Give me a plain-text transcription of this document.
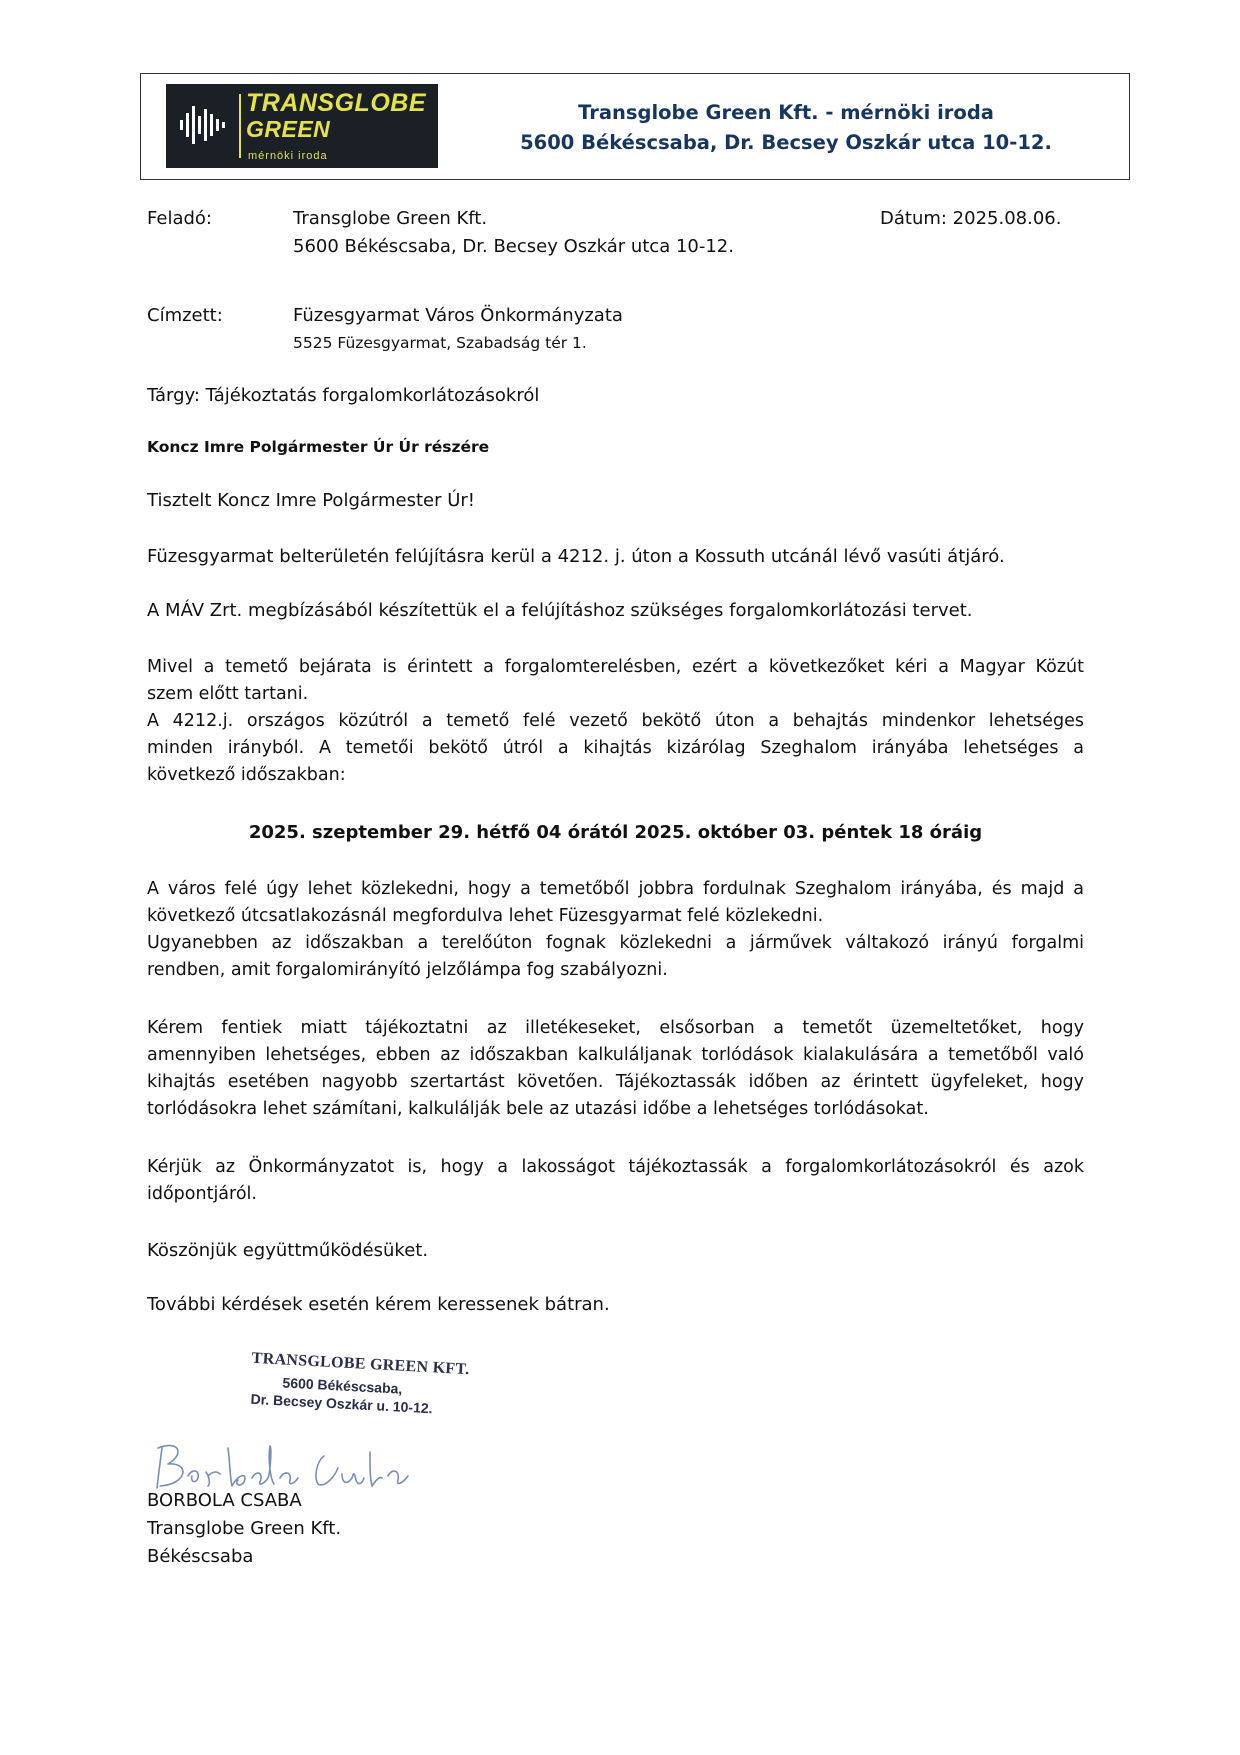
TRANSGLOBE
GREEN
mérnöki iroda
Transglobe Green Kft. - mérnöki iroda
5600 Békéscsaba, Dr. Becsey Oszkár utca 10-12.
Feladó:	Transglobe Green Kft.
5600 Békéscsaba, Dr. Becsey Oszkár utca 10-12.
Dátum: 2025.08.06.
Címzett:	Füzesgyarmat Város Önkormányzata
5525 Füzesgyarmat, Szabadság tér 1.
Tárgy: Tájékoztatás forgalomkorlátozásokról
Koncz Imre Polgármester Úr Úr részére
Tisztelt Koncz Imre Polgármester Úr!
Füzesgyarmat belterületén felújításra kerül a 4212. j. úton a Kossuth utcánál lévő vasúti átjáró.
A MÁV Zrt. megbízásából készítettük el a felújításhoz szükséges forgalomkorlátozási tervet.
Mivel a temető bejárata is érintett a forgalomterelésben, ezért a következőket kéri a Magyar Közút
szem előtt tartani.
A 4212.j. országos közútról a temető felé vezető bekötő úton a behajtás mindenkor lehetséges
minden irányból. A temetői bekötő útról a kihajtás kizárólag Szeghalom irányába lehetséges a
következő időszakban:
2025. szeptember 29. hétfő 04 órától 2025. október 03. péntek 18 óráig
A város felé úgy lehet közlekedni, hogy a temetőből jobbra fordulnak Szeghalom irányába, és majd a
következő útcsatlakozásnál megfordulva lehet Füzesgyarmat felé közlekedni.
Ugyanebben az időszakban a terelőúton fognak közlekedni a járművek váltakozó irányú forgalmi
rendben, amit forgalomirányító jelzőlámpa fog szabályozni.
Kérem fentiek miatt tájékoztatni az illetékeseket, elsősorban a temetőt üzemeltetőket, hogy
amennyiben lehetséges, ebben az időszakban kalkuláljanak torlódások kialakulására a temetőből való
kihajtás esetében nagyobb szertartást követően. Tájékoztassák időben az érintett ügyfeleket, hogy
torlódásokra lehet számítani, kalkulálják bele az utazási időbe a lehetséges torlódásokat.
Kérjük az Önkormányzatot is, hogy a lakosságot tájékoztassák a forgalomkorlátozásokról és azok
időpontjáról.
Köszönjük együttműködésüket.
További kérdések esetén kérem keressenek bátran.
TRANSGLOBE GREEN KFT.
5600 Békéscsaba,
Dr. Becsey Oszkár u. 10-12.
BORBOLA CSABA
Transglobe Green Kft.
Békéscsaba
